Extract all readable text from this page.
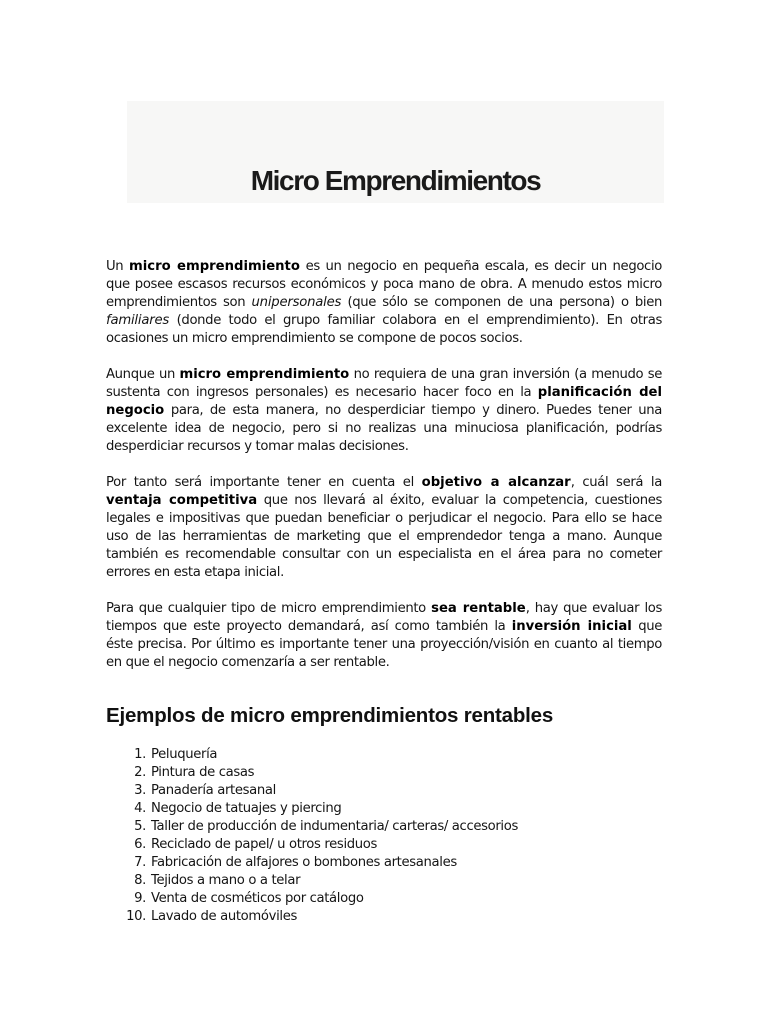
Micro Emprendimientos

Un micro emprendimiento es un negocio en pequeña escala, es decir un negocio que posee escasos recursos económicos y poca mano de obra. A menudo estos micro emprendimientos son unipersonales (que sólo se componen de una persona) o bien familiares (donde todo el grupo familiar colabora en el emprendimiento). En otras ocasiones un micro emprendimiento se compone de pocos socios.

Aunque un micro emprendimiento no requiera de una gran inversión (a menudo se sustenta con ingresos personales) es necesario hacer foco en la planificación del negocio para, de esta manera, no desperdiciar tiempo y dinero. Puedes tener una excelente idea de negocio, pero si no realizas una minuciosa planificación, podrías desperdiciar recursos y tomar malas decisiones.

Por tanto será importante tener en cuenta el objetivo a alcanzar, cuál será la ventaja competitiva que nos llevará al éxito, evaluar la competencia, cuestiones legales e impositivas que puedan beneficiar o perjudicar el negocio. Para ello se hace uso de las herramientas de marketing que el emprendedor tenga a mano. Aunque también es recomendable consultar con un especialista en el área para no cometer errores en esta etapa inicial.

Para que cualquier tipo de micro emprendimiento sea rentable, hay que evaluar los tiempos que este proyecto demandará, así como también la inversión inicial que éste precisa. Por último es importante tener una proyección/visión en cuanto al tiempo en que el negocio comenzaría a ser rentable.

Ejemplos de micro emprendimientos rentables
1. Peluquería
2. Pintura de casas
3. Panadería artesanal
4. Negocio de tatuajes y piercing
5. Taller de producción de indumentaria/ carteras/ accesorios
6. Reciclado de papel/ u otros residuos
7. Fabricación de alfajores o bombones artesanales
8. Tejidos a mano o a telar
9. Venta de cosméticos por catálogo
10. Lavado de automóviles
